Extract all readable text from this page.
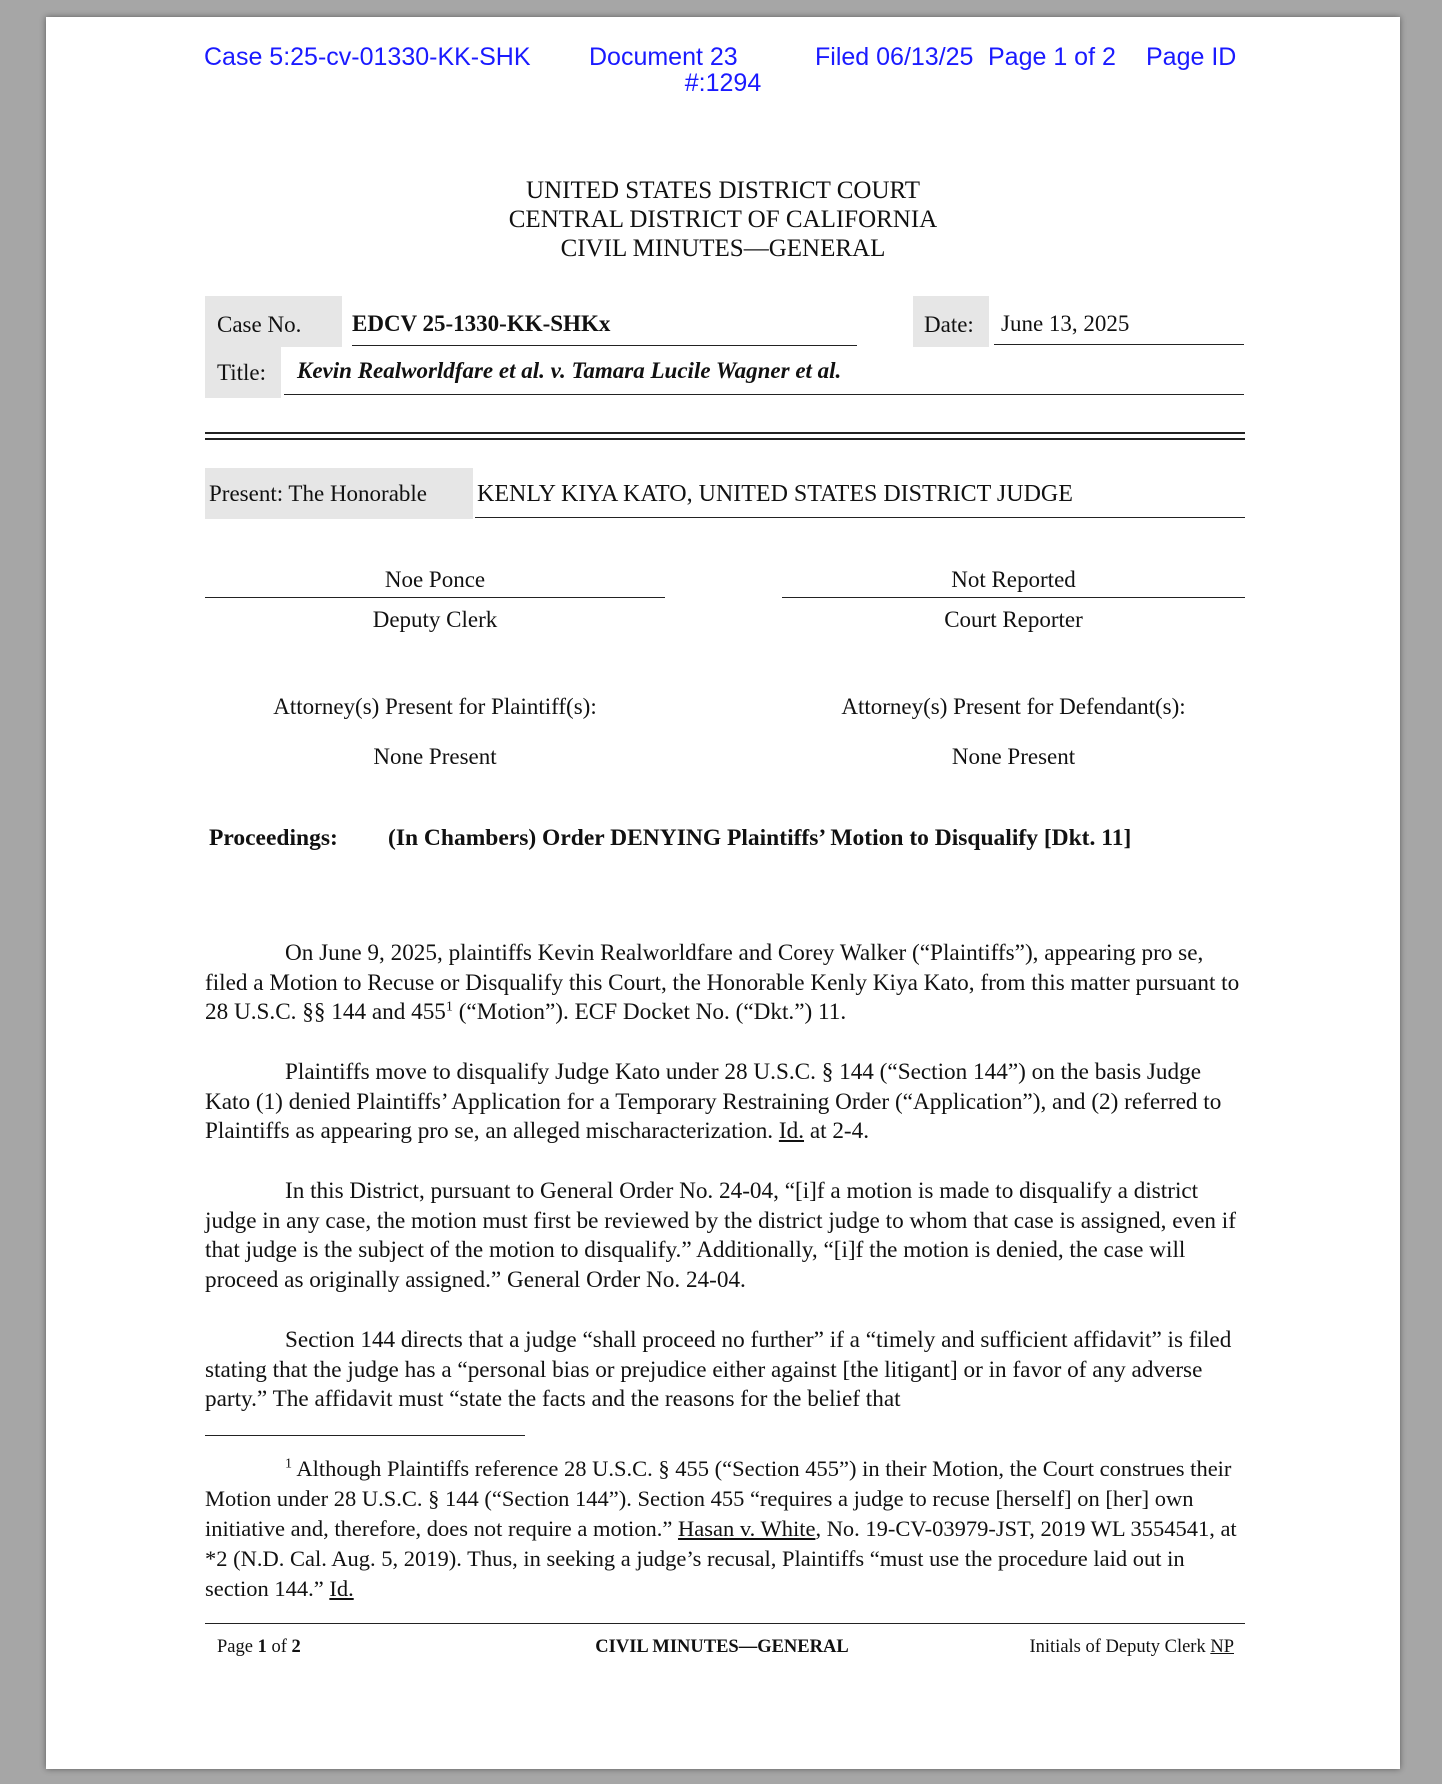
Case 5:25-cv-01330-KK-SHK Document 23	Filed 06/13/25 Page 1 of 2 Page ID
#:1294
UNITED STATES DISTRICT COURT
CENTRAL DISTRICT OF CALIFORNIA
CIVIL MINUTES—GENERAL
Case No.	EDCV 25-1330-KK-SHKx	Date:	June 13, 2025
Title:	Kevin Realworldfare et al. v. Tamara Lucile Wagner et al.
Present: The Honorable	KENLY KIYA KATO, UNITED STATES DISTRICT JUDGE
Noe Ponce
Deputy Clerk
Not Reported
Court Reporter
Attorney(s) Present for Plaintiff(s):
None Present
Attorney(s) Present for Defendant(s):
None Present
Proceedings: (In Chambers) Order DENYING Plaintiffs’ Motion to Disqualify [Dkt. 11]
On June 9, 2025, plaintiffs Kevin Realworldfare and Corey Walker (“Plaintiffs”), appearing pro se, filed a Motion to Recuse or Disqualify this Court, the Honorable Kenly Kiya Kato, from this matter pursuant to 28 U.S.C. §§ 144 and $455^1$ (“Motion”). ECF Docket No. (“Dkt.”) 11.
Plaintiffs move to disqualify Judge Kato under 28 U.S.C. § 144 (“Section 144”) on the basis Judge Kato (1) denied Plaintiffs’ Application for a Temporary Restraining Order (“Application”), and (2) referred to Plaintiffs as appearing pro se, an alleged mischaracterization. Id. at 2-4.
In this District, pursuant to General Order No. 24-04, “[i]f a motion is made to disqualify a district judge in any case, the motion must first be reviewed by the district judge to whom that case is assigned, even if that judge is the subject of the motion to disqualify.” Additionally, “[i]f the motion is denied, the case will proceed as originally assigned.” General Order No. 24-04.
Section 144 directs that a judge “shall proceed no further” if a “timely and sufficient affidavit” is filed stating that the judge has a “personal bias or prejudice either against [the litigant] or in favor of any adverse party.” The affidavit must “state the facts and the reasons for the belief that
$^1$ Although Plaintiffs reference 28 U.S.C. § 455 (“Section 455”) in their Motion, the Court construes their Motion under 28 U.S.C. § 144 (“Section 144”). Section 455 “requires a judge to recuse [herself] on [her] own initiative and, therefore, does not require a motion.” Hasan v. White, No. 19-CV-03979-JST, 2019 WL 3554541, at *2 (N.D. Cal. Aug. 5, 2019). Thus, in seeking a judge’s recusal, Plaintiffs “must use the procedure laid out in section 144.” Id.
Page 1 of 2	CIVIL MINUTES—GENERAL	Initials of Deputy Clerk NP
